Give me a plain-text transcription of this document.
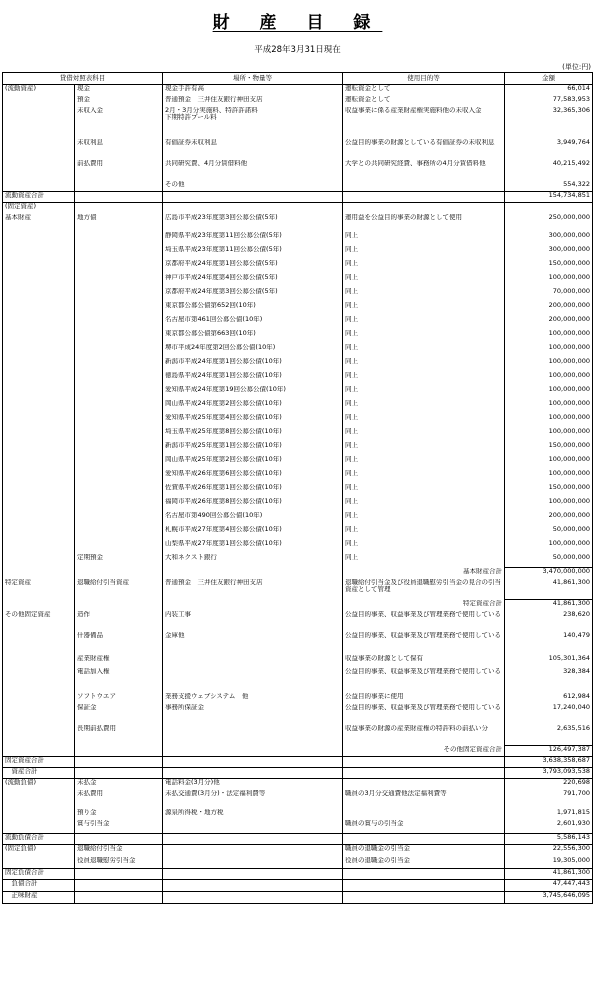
財 産 目 録
平成28年3月31日現在
(単位:円)
貸借対照表科目		場所・物量等	使用目的等	金額
(流動資産)	現金	現金手許有高	運転資金として	66,014
	預金	普通預金　三井住友銀行神田支店	運転資金として	77,583,953
	未収入金	2月・3月分実施料、特許許諾料
下期特許プール料	収益事業に係る産業財産権実施料他の未収入金	32,365,306
	未収利息	有価証券未収利息	公益目的事業の財源としている有価証券の未収利息	3,949,764
	前払費用	共同研究費、4月分賃借料他	大学との共同研究経費、事務所の4月分賃借料他	40,215,492
		その他		554,322
流動資産合計				154,734,851
(固定資産)				
基本財産	地方債	広島市平成23年度第3回公募公債(5年)	運用益を公益目的事業の財源として使用	250,000,000
		静岡県平成23年度第11回公募公債(5年)	同上	300,000,000
		埼玉県平成23年度第11回公募公債(5年)	同上	300,000,000
		京都府平成24年度第1回公募公債(5年)	同上	150,000,000
		神戸市平成24年度第4回公募公債(5年)	同上	100,000,000
		京都府平成24年度第3回公募公債(5年)	同上	70,000,000
		東京都公募公債第652回(10年)	同上	200,000,000
		名古屋市第461回公募公債(10年)	同上	200,000,000
		東京都公募公債第663回(10年)	同上	100,000,000
		堺市平成24年度第2回公募公債(10年)	同上	100,000,000
		新潟市平成24年度第1回公募公債(10年)	同上	100,000,000
		徳島県平成24年度第1回公募公債(10年)	同上	100,000,000
		愛知県平成24年度第19回公募公債(10年)	同上	100,000,000
		岡山県平成24年度第2回公募公債(10年)	同上	100,000,000
		愛知県平成25年度第4回公募公債(10年)	同上	100,000,000
		埼玉県平成25年度第8回公募公債(10年)	同上	100,000,000
		新潟市平成25年度第1回公募公債(10年)	同上	150,000,000
		岡山県平成25年度第2回公募公債(10年)	同上	100,000,000
		愛知県平成26年度第6回公募公債(10年)	同上	100,000,000
		佐賀県平成26年度第1回公募公債(10年)	同上	150,000,000
		福岡市平成26年度第8回公募公債(10年)	同上	100,000,000
		名古屋市第490回公募公債(10年)	同上	200,000,000
		札幌市平成27年度第4回公募公債(10年)	同上	50,000,000
		山梨県平成27年度第1回公募公債(10年)	同上	100,000,000
	定期預金	大和ネクスト銀行	同上	50,000,000
			基本財産合計	3,470,000,000
特定資産	退職給付引当資産	普通預金　三井住友銀行神田支店	退職給付引当金及び役員退職慰労引当金の見合の引当資産として管理	41,861,300
			特定資産合計	41,861,300
その他固定資産	造作	内装工事	公益目的事業、収益事業及び管理業務で使用している	238,620
	什器備品	金庫他	公益目的事業、収益事業及び管理業務で使用している	140,479
	産業財産権		収益事業の財源として保有	105,301,364
	電話加入権		公益目的事業、収益事業及び管理業務で使用している	328,384
	ソフトウエア	業務支援ウェブシステム　他	公益目的事業に使用	612,984
	保証金	事務所保証金	公益目的事業、収益事業及び管理業務で使用している	17,240,040
	長期前払費用		収益事業の財源の産業財産権の特許料の前払い分	2,635,516
			その他固定資産合計	126,497,387
固定資産合計				3,638,358,687
　資産合計				3,793,093,538
(流動負債)	未払金	電話料金(3月分)他		220,698
	未払費用	未払交通費(3月分)・法定福利費等	職員の3月分交通費他法定福利費等	791,700
	預り金	源泉所得税・地方税		1,971,815
	賞与引当金		職員の賞与の引当金	2,601,930
流動負債合計				5,586,143
(固定負債)	退職給付引当金		職員の退職金の引当金	22,556,300
	役員退職慰労引当金		役員の退職金の引当金	19,305,000
固定負債合計				41,861,300
　負債合計				47,447,443
　正味財産				3,745,646,095
